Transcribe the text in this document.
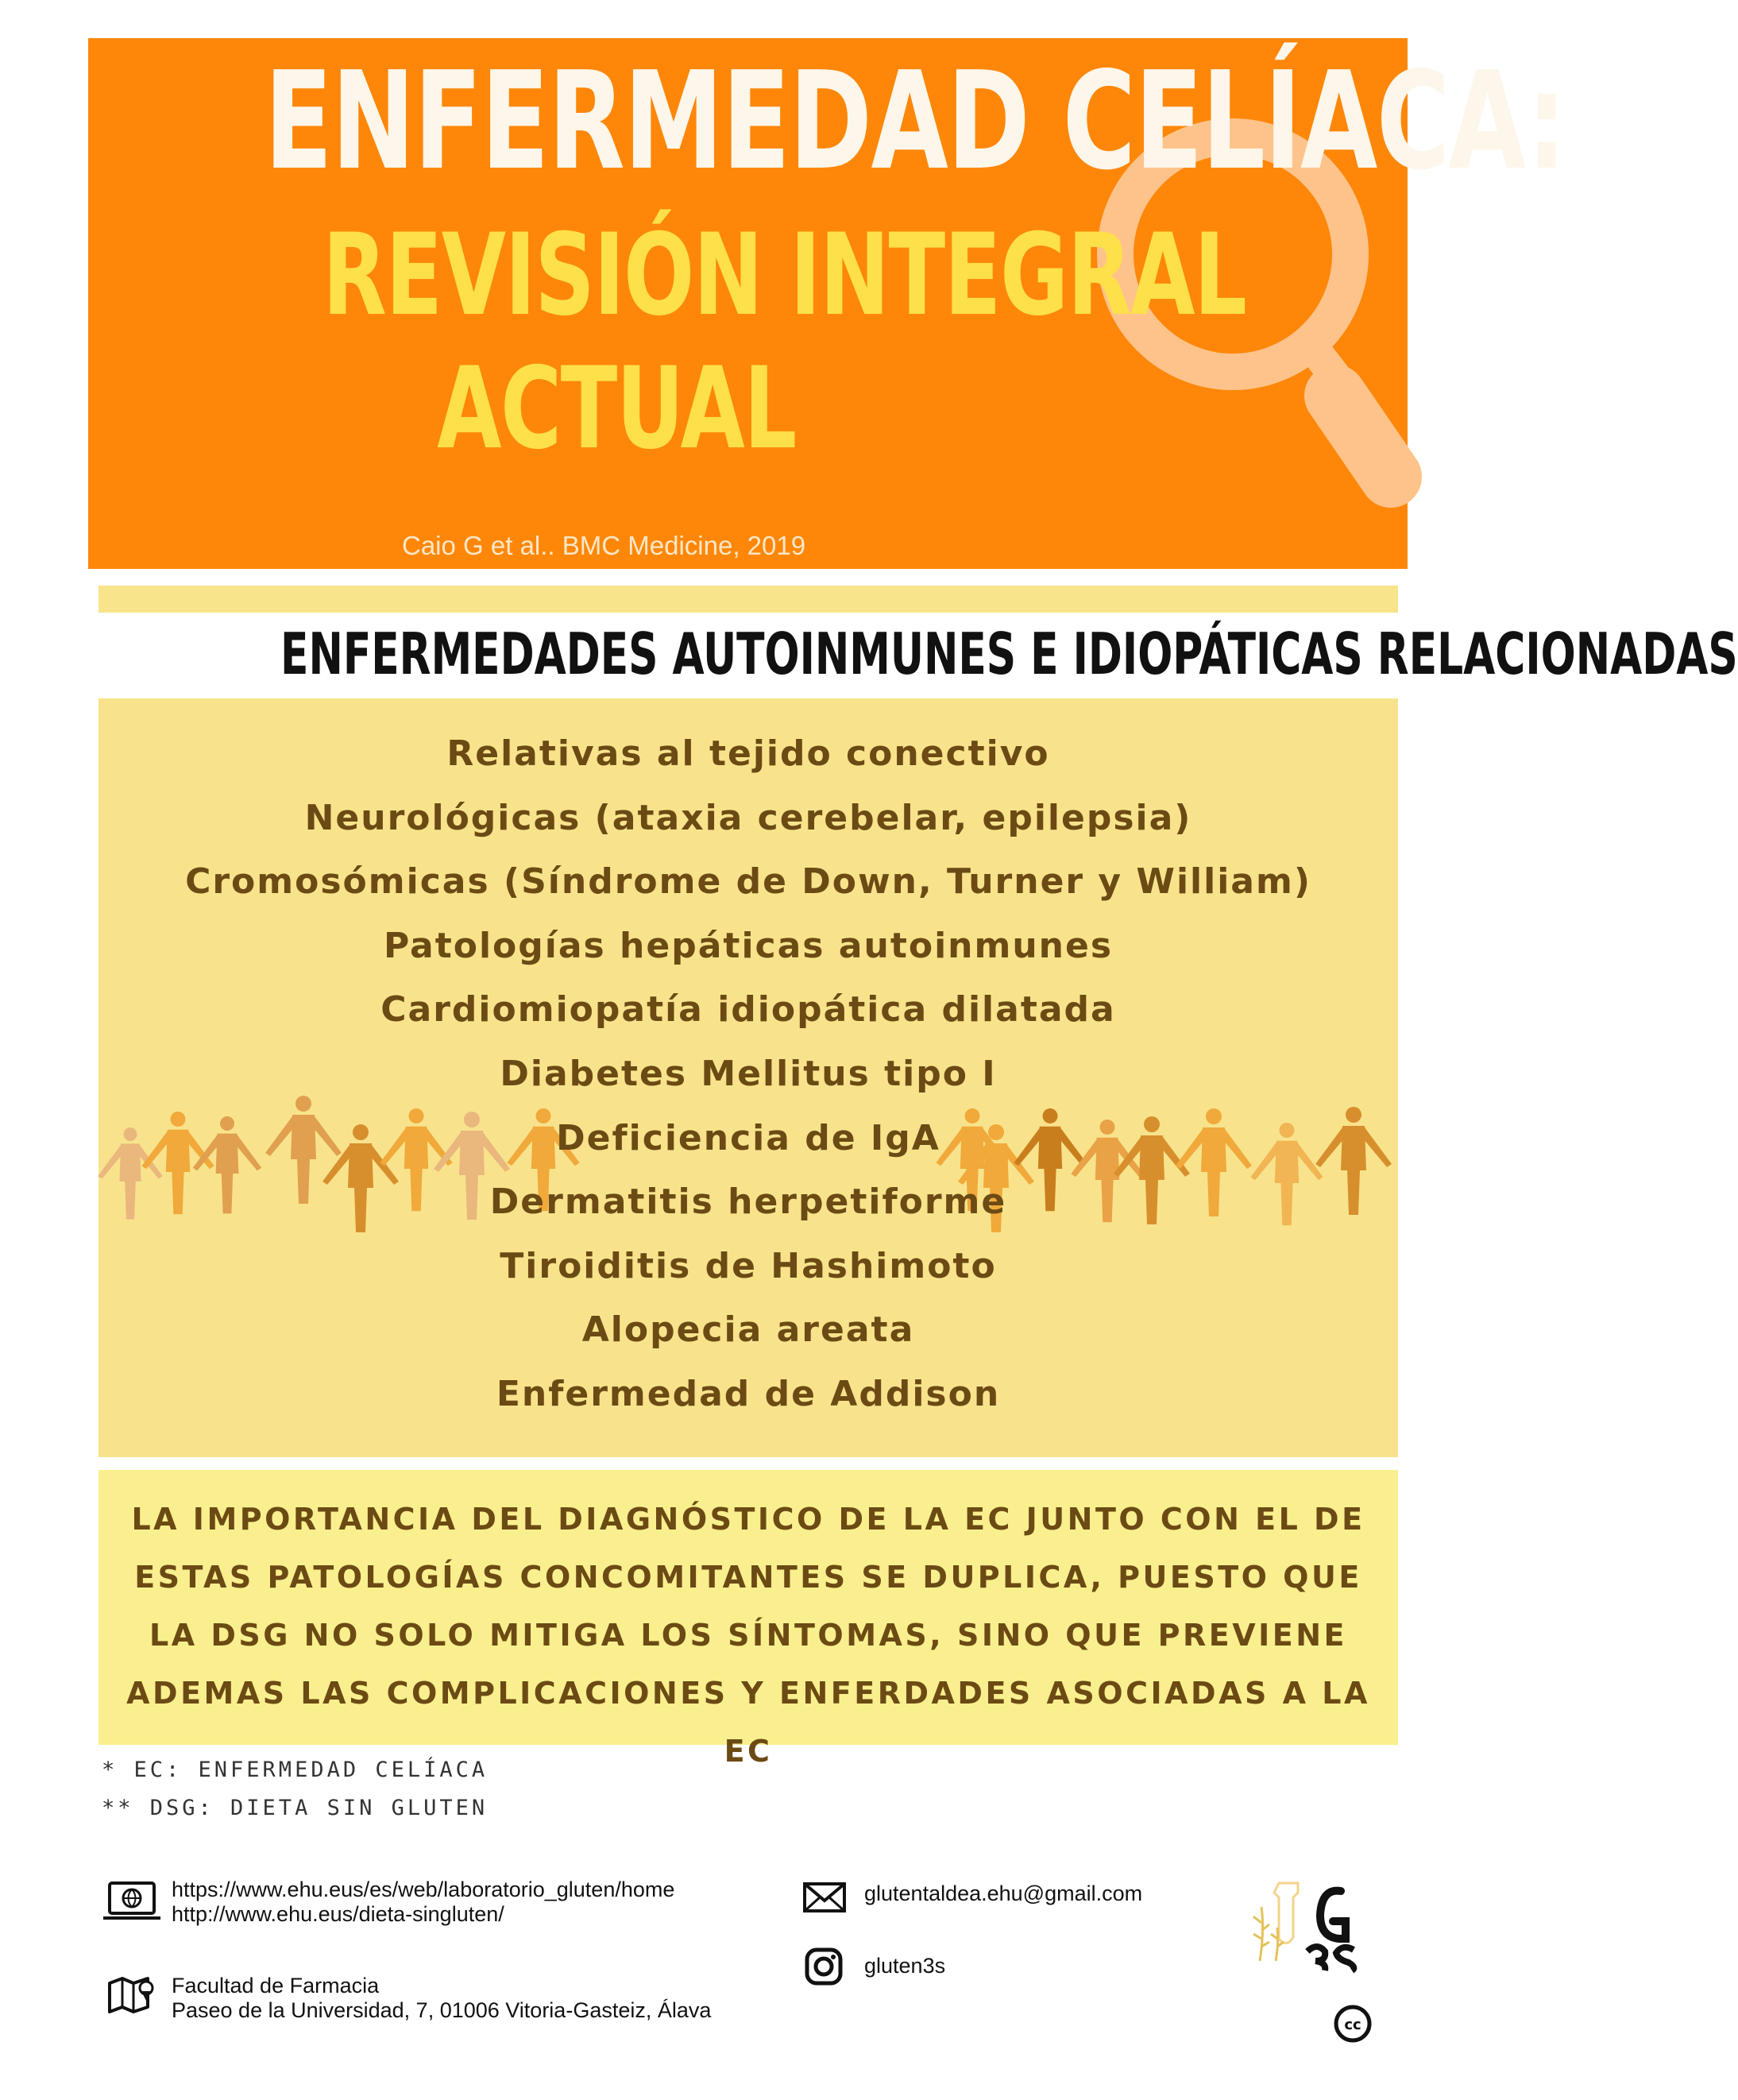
ENFERMEDAD CELÍACA:
REVISIÓN INTEGRAL
ACTUAL
Caio G et al.. BMC Medicine, 2019
ENFERMEDADES AUTOINMUNES E IDIOPÁTICAS RELACIONADAS
Relativas al tejido conectivo
Neurológicas (ataxia cerebelar, epilepsia)
Cromosómicas (Síndrome de Down, Turner y William)
Patologías hepáticas autoinmunes
Cardiomiopatía idiopática dilatada
Diabetes Mellitus tipo I
Deficiencia de IgA
Dermatitis herpetiforme
Tiroiditis de Hashimoto
Alopecia areata
Enfermedad de Addison

LA IMPORTANCIA DEL DIAGNÓSTICO DE LA EC JUNTO CON EL DE ESTAS PATOLOGÍAS CONCOMITANTES SE DUPLICA, PUESTO QUE LA DSG NO SOLO MITIGA LOS SÍNTOMAS, SINO QUE PREVIENE ADEMAS LAS COMPLICACIONES Y ENFERDADES ASOCIADAS A LA EC

* EC: ENFERMEDAD CELÍACA
** DSG: DIETA SIN GLUTEN
https://www.ehu.eus/es/web/laboratorio_gluten/home
http://www.ehu.eus/dieta-singluten/
Facultad de Farmacia
Paseo de la Universidad, 7, 01006 Vitoria-Gasteiz, Álava
glutentaldea.ehu@gmail.com
gluten3s
cc
